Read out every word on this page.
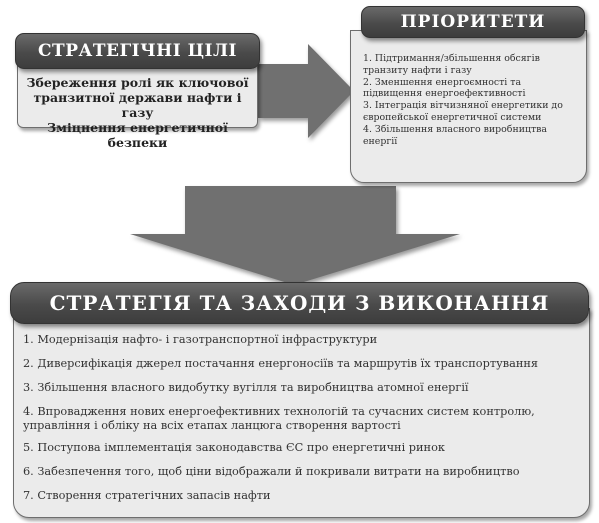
Збереження ролі як ключової
транзитної держави нафти і газу
Зміцнення енергетичної безпеки
СТРАТЕГІЧНІ ЦІЛІ	1. Підтримання/збільшення обсягів транзиту нафти і газу
2. Зменшення енергоємності та підвищення енергоефективності
3. Інтеграція вітчизняної енергетики до європейської енергетичної системи
4. Збільшення власного виробництва енергії
ПРІОРИТЕТИ
1. Модернізація нафто- і газотранспортної інфраструктури
2. Диверсифікація джерел постачання енергоносіїв та маршрутів їх транспортування
3. Збільшення власного видобутку вугілля та виробництва атомної енергії
4. Впровадження нових енергоефективних технологій та сучасних систем контролю, управління і обліку на всіх етапах ланцюга створення вартості
5. Поступова імплементація законодавства ЄС про енергетичні ринок
6. Забезпечення того, щоб ціни відображали й покривали витрати на виробництво
7. Створення стратегічних запасів нафти
СТРАТЕГІЯ ТА ЗАХОДИ З ВИКОНАННЯ
